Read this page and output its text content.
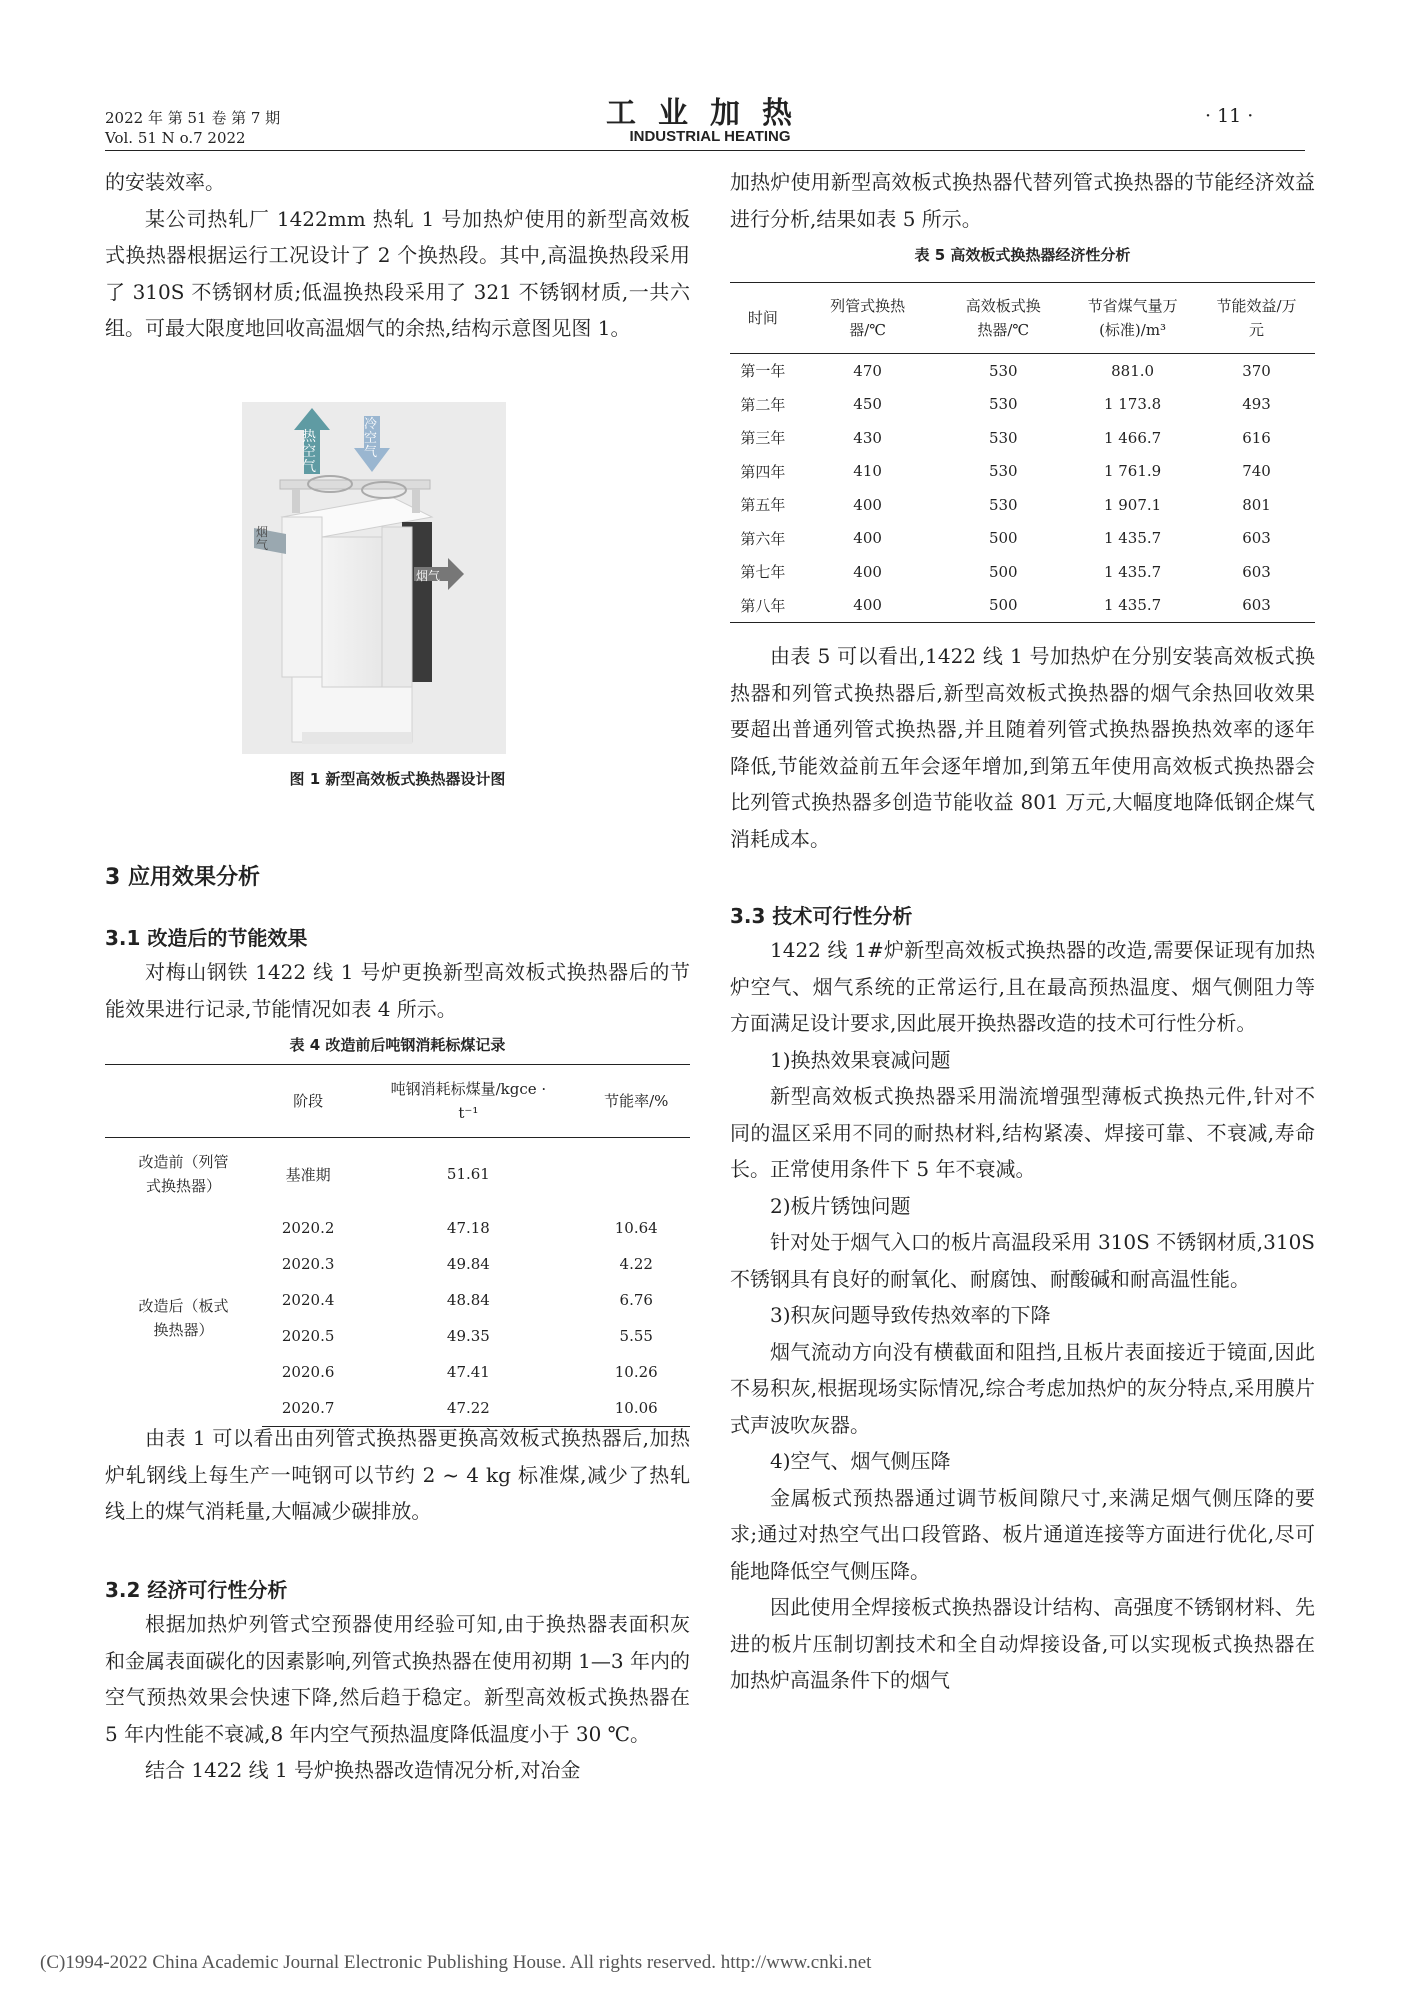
2022 年 第 51 卷 第 7 期
Vol. 51 N o.7 2022
工业加热
INDUSTRIAL HEATING
· 11 ·

的安装效率。

某公司热轧厂 1422mm 热轧 1 号加热炉使用的新型高效板式换热器根据运行工况设计了 2 个换热段。其中,高温换热段采用了 310S 不锈钢材质;低温换热段采用了 321 不锈钢材质,一共六组。可最大限度地回收高温烟气的余热,结构示意图见图 1。

热空气
冷空气
烟气
烟气
图 1 新型高效板式换热器设计图
3 应用效果分析
3.1 改造后的节能效果

对梅山钢铁 1422 线 1 号炉更换新型高效板式换热器后的节能效果进行记录,节能情况如表 4 所示。

表 4 改造前后吨钢消耗标煤记录
	阶段	吨钢消耗标煤量/kgce · t⁻¹	节能率/%
改造前（列管式换热器）	基准期	51.61	
改造后（板式换热器）	2020.2	47.18	10.64
	2020.3	49.84	4.22
	2020.4	48.84	6.76
	2020.5	49.35	5.55
	2020.6	47.41	10.26
	2020.7	47.22	10.06

由表 1 可以看出由列管式换热器更换高效板式换热器后,加热炉轧钢线上每生产一吨钢可以节约 2 ~ 4 kg 标准煤,减少了热轧线上的煤气消耗量,大幅减少碳排放。

3.2 经济可行性分析

根据加热炉列管式空预器使用经验可知,由于换热器表面积灰和金属表面碳化的因素影响,列管式换热器在使用初期 1—3 年内的空气预热效果会快速下降,然后趋于稳定。新型高效板式换热器在 5 年内性能不衰减,8 年内空气预热温度降低温度小于 30 ℃。

结合 1422 线 1 号炉换热器改造情况分析,对冶金

加热炉使用新型高效板式换热器代替列管式换热器的节能经济效益进行分析,结果如表 5 所示。

表 5 高效板式换热器经济性分析
时间	列管式换热器/℃	高效板式换热器/℃	节省煤气量万(标准)/m³	节能效益/万元
第一年	470	530	881.0	370
第二年	450	530	1 173.8	493
第三年	430	530	1 466.7	616
第四年	410	530	1 761.9	740
第五年	400	530	1 907.1	801
第六年	400	500	1 435.7	603
第七年	400	500	1 435.7	603
第八年	400	500	1 435.7	603

由表 5 可以看出,1422 线 1 号加热炉在分别安装高效板式换热器和列管式换热器后,新型高效板式换热器的烟气余热回收效果要超出普通列管式换热器,并且随着列管式换热器换热效率的逐年降低,节能效益前五年会逐年增加,到第五年使用高效板式换热器会比列管式换热器多创造节能收益 801 万元,大幅度地降低钢企煤气消耗成本。

3.3 技术可行性分析

1422 线 1#炉新型高效板式换热器的改造,需要保证现有加热炉空气、烟气系统的正常运行,且在最高预热温度、烟气侧阻力等方面满足设计要求,因此展开换热器改造的技术可行性分析。

1)换热效果衰减问题

新型高效板式换热器采用湍流增强型薄板式换热元件,针对不同的温区采用不同的耐热材料,结构紧凑、焊接可靠、不衰减,寿命长。正常使用条件下 5 年不衰减。

2)板片锈蚀问题

针对处于烟气入口的板片高温段采用 310S 不锈钢材质,310S 不锈钢具有良好的耐氧化、耐腐蚀、耐酸碱和耐高温性能。

3)积灰问题导致传热效率的下降

烟气流动方向没有横截面和阻挡,且板片表面接近于镜面,因此不易积灰,根据现场实际情况,综合考虑加热炉的灰分特点,采用膜片式声波吹灰器。

4)空气、烟气侧压降

金属板式预热器通过调节板间隙尺寸,来满足烟气侧压降的要求;通过对热空气出口段管路、板片通道连接等方面进行优化,尽可能地降低空气侧压降。

因此使用全焊接板式换热器设计结构、高强度不锈钢材料、先进的板片压制切割技术和全自动焊接设备,可以实现板式换热器在加热炉高温条件下的烟气

(C)1994-2022 China Academic Journal Electronic Publishing House. All rights reserved. http://www.cnki.net
